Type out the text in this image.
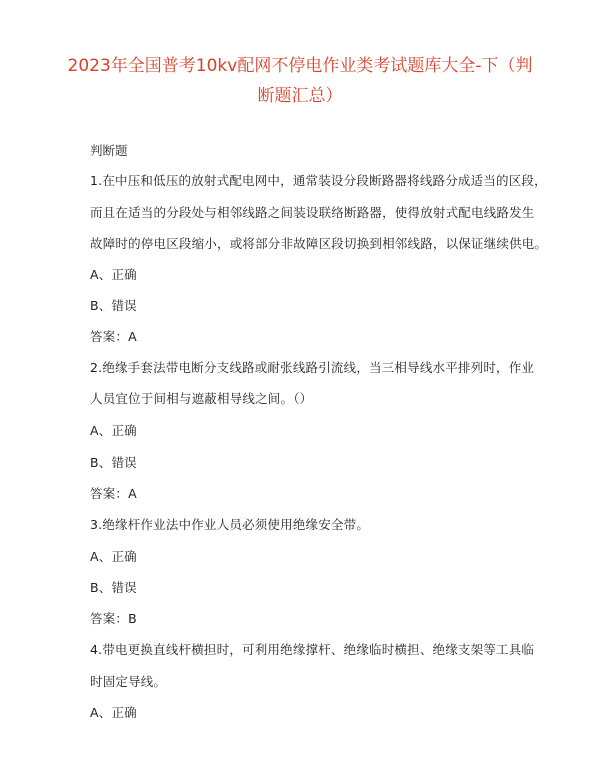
2023年全国普考10kv配网不停电作业类考试题库大全-下（判
断题汇总）
判断题
1.在中压和低压的放射式配电网中，通常装设分段断路器将线路分成适当的区段，
而且在适当的分段处与相邻线路之间装设联络断路器，使得放射式配电线路发生
故障时的停电区段缩小，或将部分非故障区段切换到相邻线路，以保证继续供电。
A、正确
B、错误
答案：A
2.绝缘手套法带电断分支线路或耐张线路引流线，当三相导线水平排列时，作业
人员宜位于间相与遮蔽相导线之间。（）
A、正确
B、错误
答案：A
3.绝缘杆作业法中作业人员必须使用绝缘安全带。
A、正确
B、错误
答案：B
4.带电更换直线杆横担时，可利用绝缘撑杆、绝缘临时横担、绝缘支架等工具临
时固定导线。
A、正确
